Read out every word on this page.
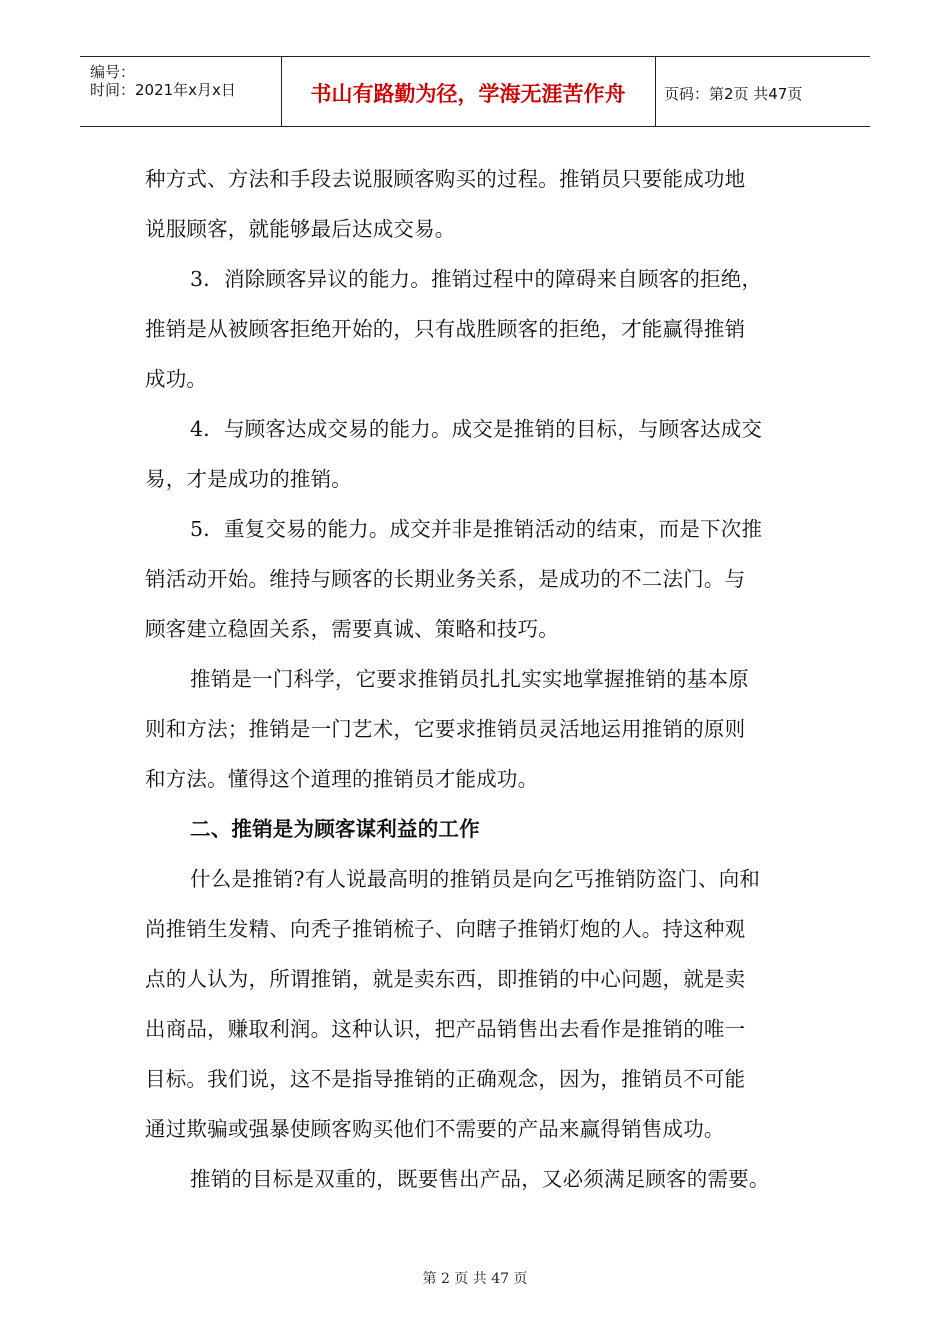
编号：
时间：2021年x月x日	书山有路勤为径，学海无涯苦作舟	页码：第2页 共47页

种方式、方法和手段去说服顾客购买的过程。推销员只要能成功地

说服顾客，就能够最后达成交易。

3．消除顾客异议的能力。推销过程中的障碍来自顾客的拒绝，

推销是从被顾客拒绝开始的，只有战胜顾客的拒绝，才能赢得推销

成功。

4．与顾客达成交易的能力。成交是推销的目标，与顾客达成交

易，才是成功的推销。

5．重复交易的能力。成交并非是推销活动的结束，而是下次推

销活动开始。维持与顾客的长期业务关系，是成功的不二法门。与

顾客建立稳固关系，需要真诚、策略和技巧。

推销是一门科学，它要求推销员扎扎实实地掌握推销的基本原

则和方法；推销是一门艺术，它要求推销员灵活地运用推销的原则

和方法。懂得这个道理的推销员才能成功。

二、推销是为顾客谋利益的工作

什么是推销?有人说最高明的推销员是向乞丐推销防盗门、向和

尚推销生发精、向秃子推销梳子、向瞎子推销灯炮的人。持这种观

点的人认为，所谓推销，就是卖东西，即推销的中心问题，就是卖

出商品，赚取利润。这种认识，把产品销售出去看作是推销的唯一

目标。我们说，这不是指导推销的正确观念，因为，推销员不可能

通过欺骗或强暴使顾客购买他们不需要的产品来赢得销售成功。

推销的目标是双重的，既要售出产品，又必须满足顾客的需要。

第 2 页 共 47 页
